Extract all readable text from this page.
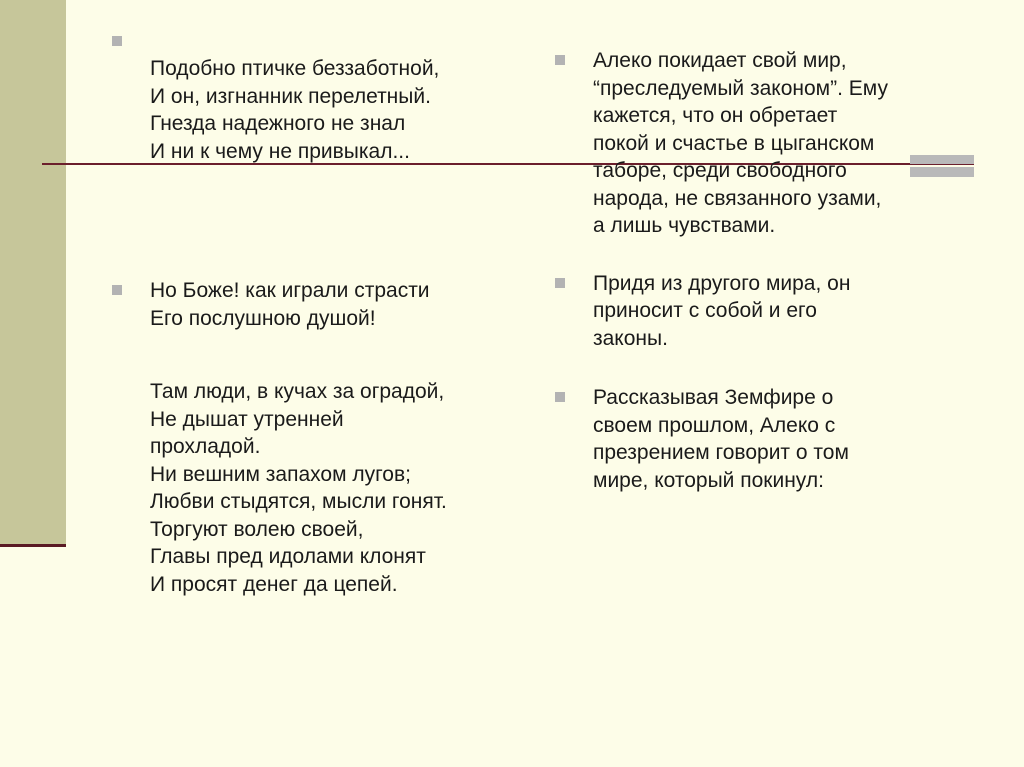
Подобно птичке беззаботной,
И он, изгнанник перелетный.
Гнезда надежного не знал
И ни к чему не привыкал...
Но Боже! как играли страсти
Его послушною душой!
Там люди, в кучах за оградой,
Не дышат утренней
прохладой.
Ни вешним запахом лугов;
Любви стыдятся, мысли гонят.
Торгуют волею своей,
Главы пред идолами клонят
И просят денег да цепей.
Алеко покидает свой мир,
“преследуемый законом”. Ему
кажется, что он обретает
покой и счастье в цыганском
таборе, среди свободного
народа, не связанного узами,
а лишь чувствами.
Придя из другого мира, он
приносит с собой и его
законы.
Рассказывая Земфире о
своем прошлом, Алеко с
презрением говорит о том
мире, который покинул:
